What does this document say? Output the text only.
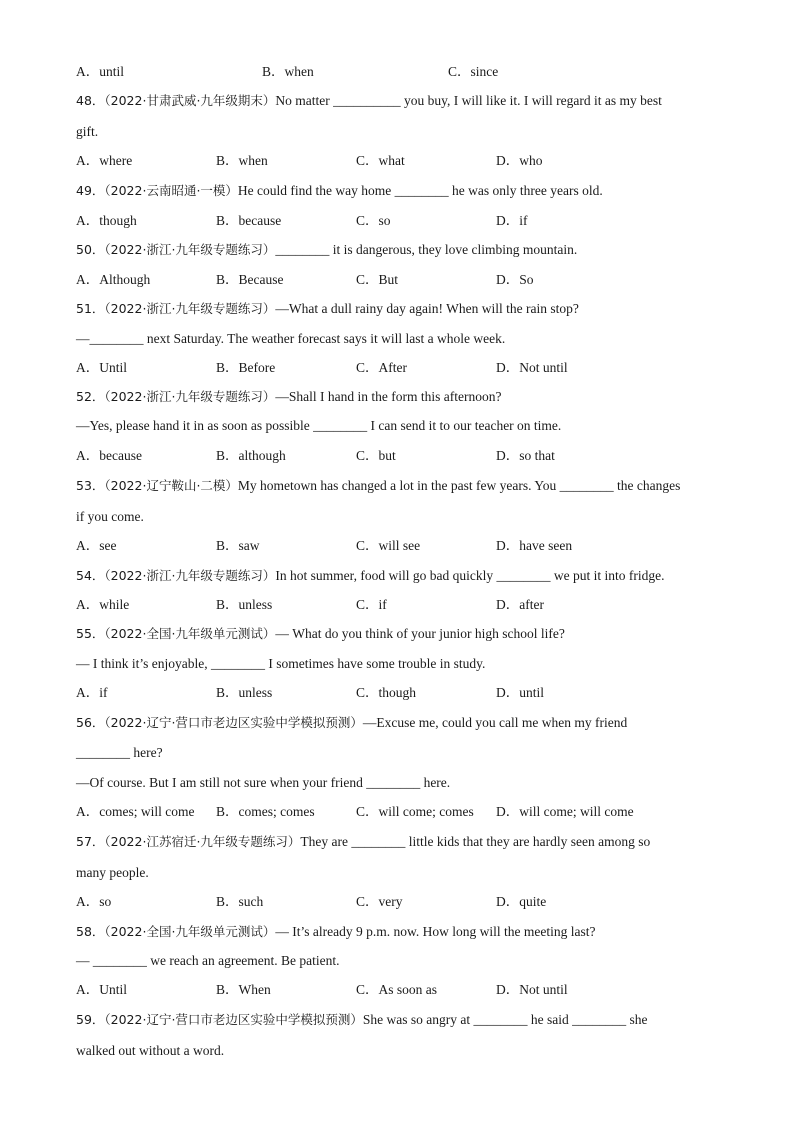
A．until	B．when	C．since
48．（2022·甘肃武威·九年级期末）No matter __________ you buy, I will like it. I will regard it as my best
gift.
A．where	B．when	C．what	D．who
49．（2022·云南昭通·一模）He could find the way home ________ he was only three years old.
A．though	B．because	C．so	D．if
50．（2022·浙江·九年级专题练习）________ it is dangerous, they love climbing mountain.
A．Although	B．Because	C．But	D．So
51．（2022·浙江·九年级专题练习）—What a dull rainy day again! When will the rain stop?
—________ next Saturday. The weather forecast says it will last a whole week.
A．Until	B．Before	C．After	D．Not until
52．（2022·浙江·九年级专题练习）—Shall I hand in the form this afternoon?
—Yes, please hand it in as soon as possible ________ I can send it to our teacher on time.
A．because	B．although	C．but	D．so that
53．（2022·辽宁鞍山·二模）My hometown has changed a lot in the past few years. You ________ the changes
if you come.
A．see	B．saw	C．will see	D．have seen
54．（2022·浙江·九年级专题练习）In hot summer, food will go bad quickly ________ we put it into fridge.
A．while	B．unless	C．if	D．after
55．（2022·全国·九年级单元测试）— What do you think of your junior high school life?
— I think it’s enjoyable, ________ I sometimes have some trouble in study.
A．if	B．unless	C．though	D．until
56．（2022·辽宁·营口市老边区实验中学模拟预测）—Excuse me, could you call me when my friend
________ here?
—Of course. But I am still not sure when your friend ________ here.
A．comes; will come B．comes; comes	C．will come; comes D．will come; will come
57．（2022·江苏宿迁·九年级专题练习）They are ________ little kids that they are hardly seen among so
many people.
A．so	B．such	C．very	D．quite
58．（2022·全国·九年级单元测试）— It’s already 9 p.m. now. How long will the meeting last?
— ________ we reach an agreement. Be patient.
A．Until	B．When	C．As soon as	D．Not until
59．（2022·辽宁·营口市老边区实验中学模拟预测）She was so angry at ________ he said ________ she
walked out without a word.
